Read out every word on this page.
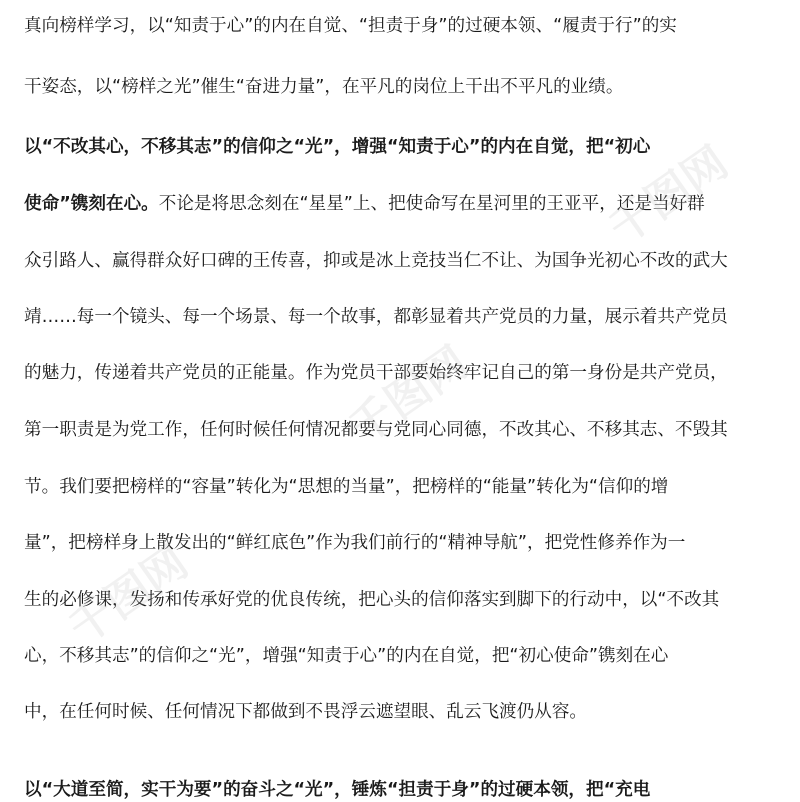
真向榜样学习，以“知责于心”的内在自觉、“担责于身”的过硬本领、“履责于行”的实
干姿态，以“榜样之光”催生“奋进力量”，在平凡的岗位上干出不平凡的业绩。
以“不改其心，不移其志”的信仰之“光”，增强“知责于心”的内在自觉，把“初心
使命”镌刻在心。不论是将思念刻在“星星”上、把使命写在星河里的王亚平，还是当好群
众引路人、赢得群众好口碑的王传喜，抑或是冰上竞技当仁不让、为国争光初心不改的武大
靖……每一个镜头、每一个场景、每一个故事，都彰显着共产党员的力量，展示着共产党员
的魅力，传递着共产党员的正能量。作为党员干部要始终牢记自己的第一身份是共产党员，
第一职责是为党工作，任何时候任何情况都要与党同心同德，不改其心、不移其志、不毁其
节。我们要把榜样的“容量”转化为“思想的当量”，把榜样的“能量”转化为“信仰的增
量”，把榜样身上散发出的“鲜红底色”作为我们前行的“精神导航”，把党性修养作为一
生的必修课，发扬和传承好党的优良传统，把心头的信仰落实到脚下的行动中，以“不改其
心，不移其志”的信仰之“光”，增强“知责于心”的内在自觉，把“初心使命”镌刻在心
中，在任何时候、任何情况下都做到不畏浮云遮望眼、乱云飞渡仍从容。
以“大道至简，实干为要”的奋斗之“光”，锤炼“担责于身”的过硬本领，把“充电
千图网
千图网
千图网
